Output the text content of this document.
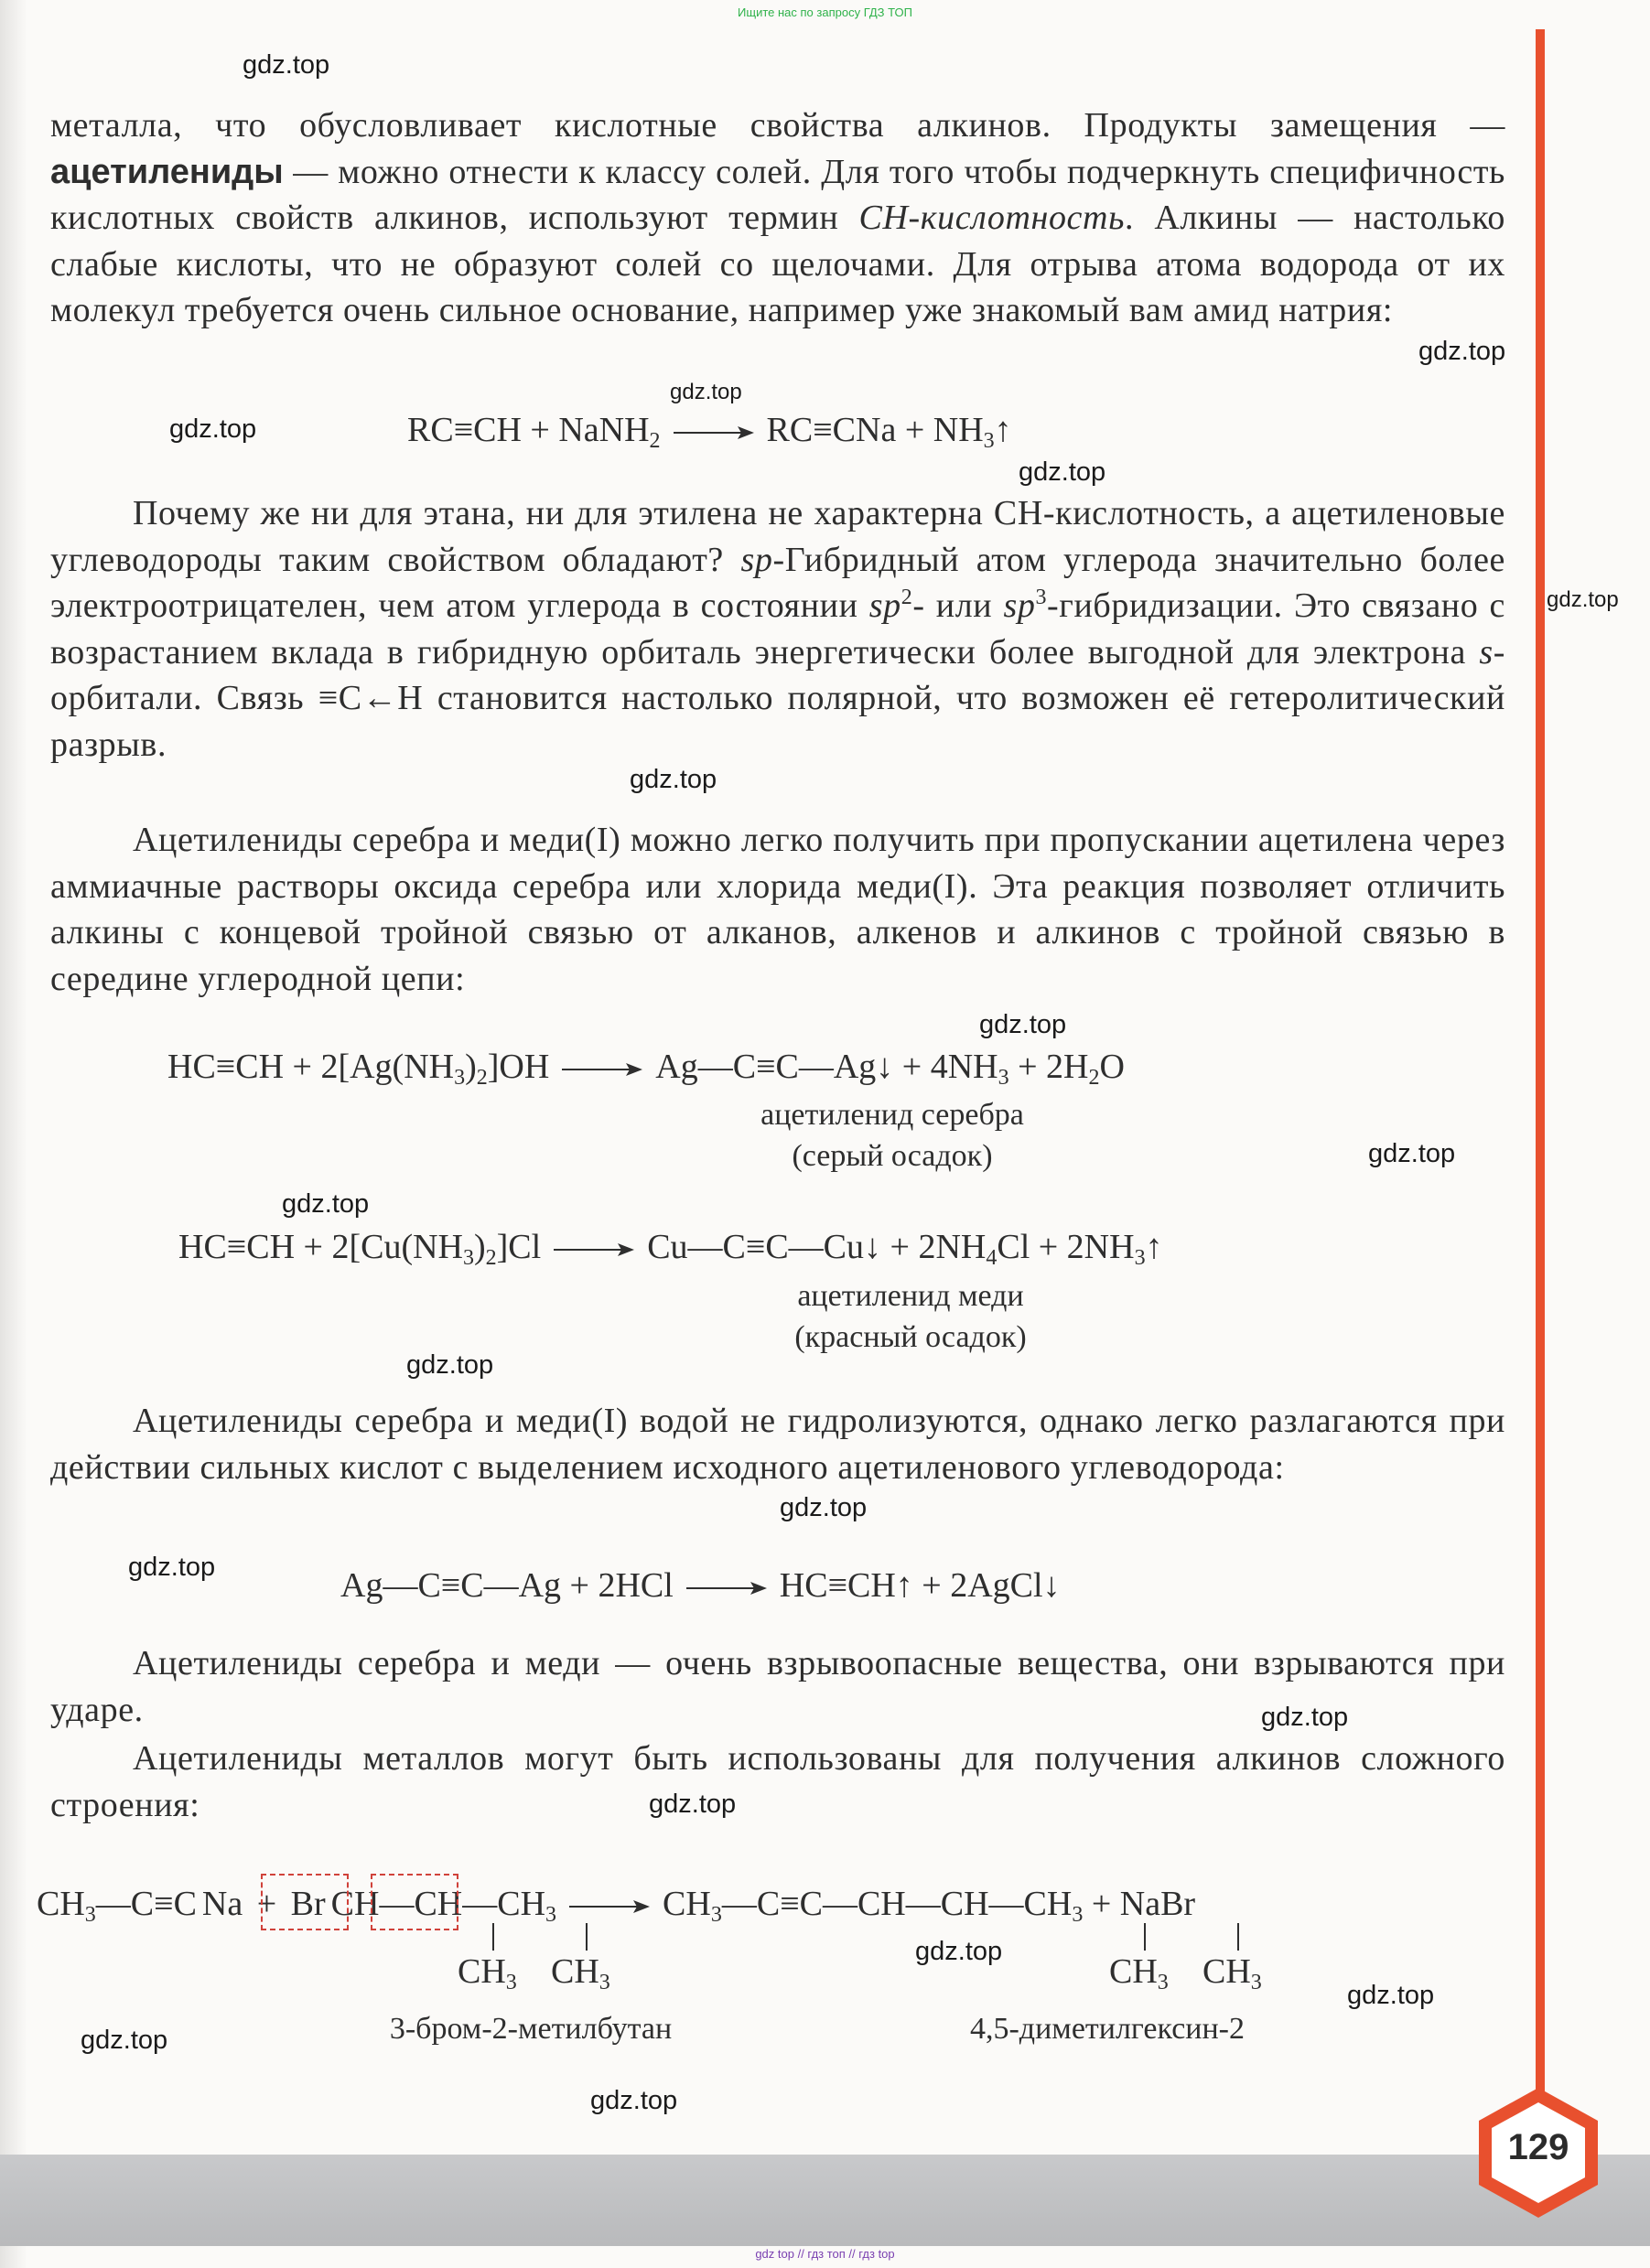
Ищите нас по запросу ГДЗ ТОП

металла, что обусловливает кислотные свойства алкинов. Продукты замещения — ацетилениды — можно отнести к классу солей. Для того чтобы подчеркнуть специфичность кислотных свойств алкинов, используют термин CH-кислотность. Алкины — настолько слабые кислоты, что не образуют солей со щелочами. Для отрыва атома водорода от их молекул требуется очень сильное основание, например уже знакомый вам амид натрия:

RC≡CH + NaNH$_2$ → $RC\equiv CNa + NH_3↑$

Почему же ни для этана, ни для этилена не характерна CH-кислотность, а ацетиленовые углеводороды таким свойством обладают? sp-Гибридный атом углерода значительно более электроотрицателен, чем атом углерода в состоянии $sp^2-$ или $sp^3$-гибридизации. Это связано с возрастанием вклада в гибридную орбиталь энергетически более выгодной для электрона s-орбитали. Связь ≡C←H становится настолько полярной, что возможен её гетеролитический разрыв.

Ацетилениды серебра и меди(I) можно легко получить при пропускании ацетилена через аммиачные растворы оксида серебра или хлорида меди(I). Эта реакция позволяет отличить алкины с концевой тройной связью от алканов, алкенов и алкинов с тройной связью в середине углеродной цепи:

$HC\equiv CH + 2[Ag(NH_3)_2]OH$ → Ag—C≡C—Ag↓ + $4NH_3 + 2H_2O$
ацетиленид серебра
(серый осадок)
$HC\equiv CH + 2[Cu(NH_3)_2]Cl$ → Cu—C≡C—Cu↓ + $2NH_4Cl$ + $2NH_3↑$
ацетиленид меди
(красный осадок)

Ацетилениды серебра и меди(I) водой не гидролизуются, однако легко разлагаются при действии сильных кислот с выделением исходного ацетиленового углеводорода:

Ag—C≡C—Ag + 2HCl → HC≡CH↑ + 2AgCl↓

Ацетилениды серебра и меди — очень взрывоопасные вещества, они взрываются при ударе.

Ацетилениды металлов могут быть использованы для получения алкинов сложного строения:

$CH_3—C\equiv C$ Na + Br $CH—CH—CH_3$ → $CH_3—C\equiv C—CH—CH—CH_3$ + NaBr
$CH_3$ $CH_3$	$CH_3$ $CH_3$
3-бром-2-метилбутан	4,5-диметилгексин-2
gdz.top
gdz.top
gdz.top
gdz.top
gdz.top
gdz.top
gdz.top
gdz.top
gdz.top
gdz.top
gdz.top
gdz.top
gdz.top
gdz.top
gdz.top
gdz.top
gdz.top
gdz.top
gdz.top
129
gdz top // гдз топ // гдз top
